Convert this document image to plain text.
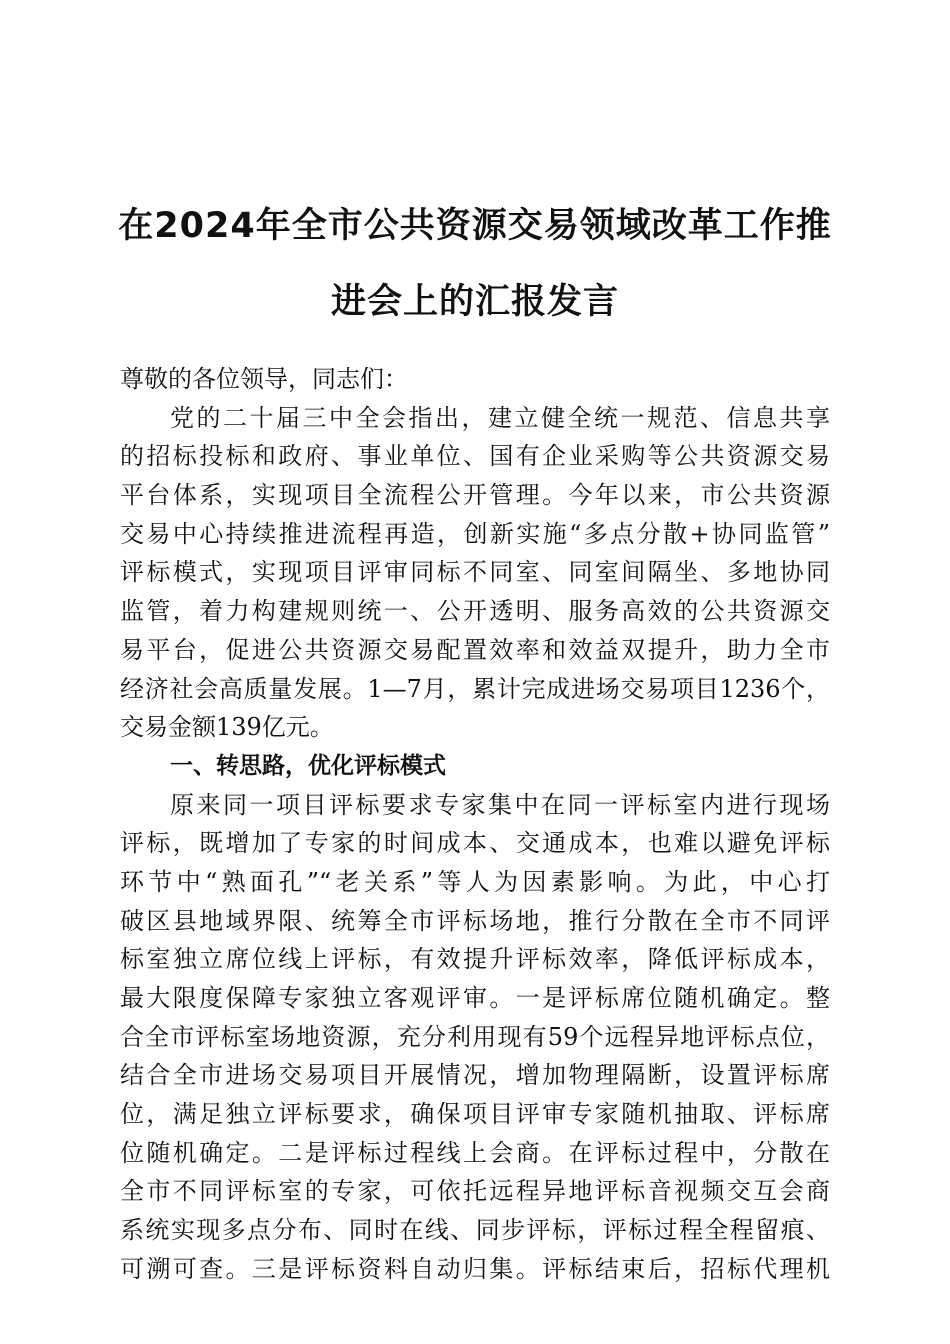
在2024年全市公共资源交易领域改革工作推
进会上的汇报发言
尊敬的各位领导，同志们：
党的二十届三中全会指出，建立健全统一规范、信息共享
的招标投标和政府、事业单位、国有企业采购等公共资源交易
平台体系，实现项目全流程公开管理。今年以来，市公共资源
交易中心持续推进流程再造，创新实施“多点分散+协同监管”
评标模式，实现项目评审同标不同室、同室间隔坐、多地协同
监管，着力构建规则统一、公开透明、服务高效的公共资源交
易平台，促进公共资源交易配置效率和效益双提升，助力全市
经济社会高质量发展。1—7月，累计完成进场交易项目1236个，
交易金额139亿元。
一、转思路，优化评标模式
原来同一项目评标要求专家集中在同一评标室内进行现场
评标，既增加了专家的时间成本、交通成本，也难以避免评标
环节中“熟面孔”“老关系”等人为因素影响。为此，中心打
破区县地域界限、统筹全市评标场地，推行分散在全市不同评
标室独立席位线上评标，有效提升评标效率，降低评标成本，
最大限度保障专家独立客观评审。一是评标席位随机确定。整
合全市评标室场地资源，充分利用现有59个远程异地评标点位，
结合全市进场交易项目开展情况，增加物理隔断，设置评标席
位，满足独立评标要求，确保项目评审专家随机抽取、评标席
位随机确定。二是评标过程线上会商。在评标过程中，分散在
全市不同评标室的专家，可依托远程异地评标音视频交互会商
系统实现多点分布、同时在线、同步评标，评标过程全程留痕、
可溯可查。三是评标资料自动归集。评标结束后，招标代理机
